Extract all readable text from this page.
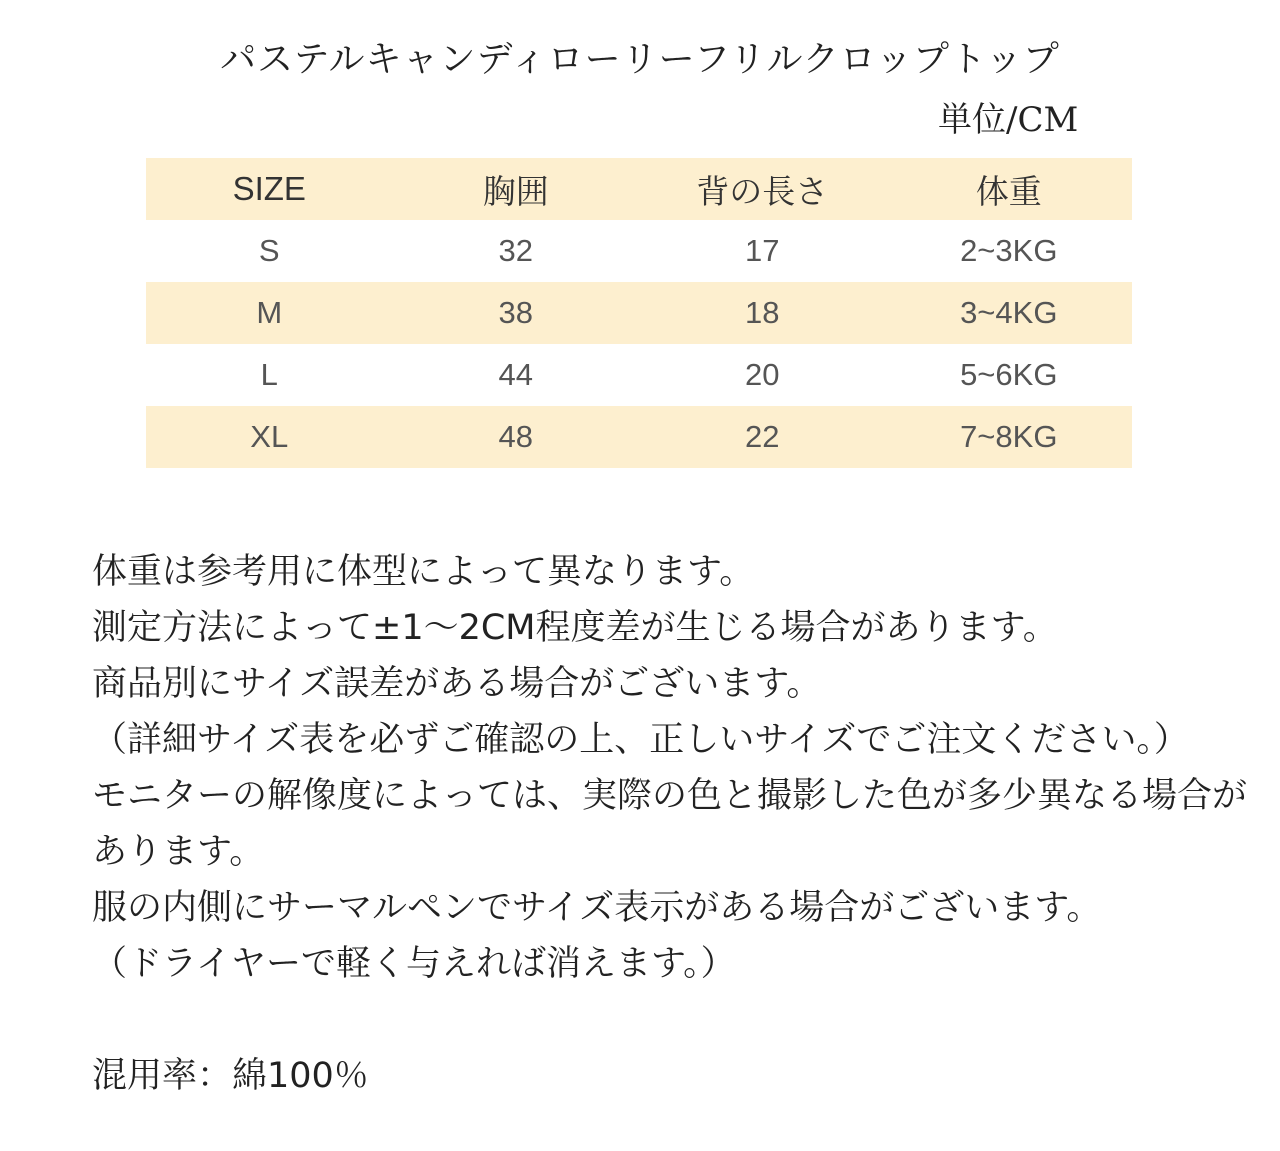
パステルキャンディローリーフリルクロップトップ
単位/CM
SIZE	胸囲	背の長さ	体重
S	32	17	2~3KG
M	38	18	3~4KG
L	44	20	5~6KG
XL	48	22	7~8KG

体重は参考用に体型によって異なります。

測定方法によって±1～2CM程度差が生じる場合があります。

商品別にサイズ誤差がある場合がございます。

（詳細サイズ表を必ずご確認の上、正しいサイズでご注文ください。）

モニターの解像度によっては、実際の色と撮影した色が多少異なる場合があります。

服の内側にサーマルペンでサイズ表示がある場合がございます。

（ドライヤーで軽く与えれば消えます。）

混用率：綿100％
